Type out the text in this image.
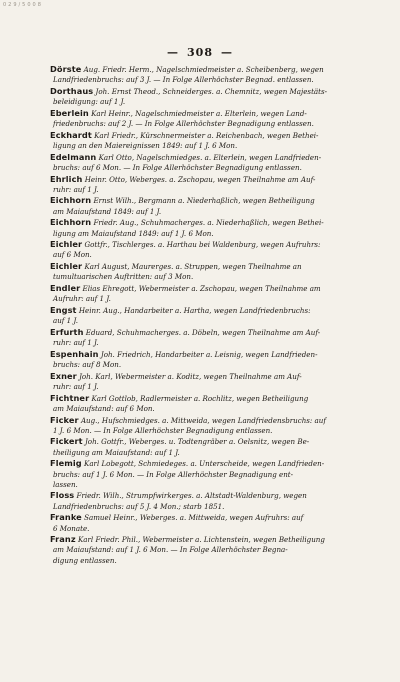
0 2 9 / 5 0 0 8
— 308 —
Dörste Aug. Friedr. Herm., Nagelschmiedmeister a. Scheibenberg, wegen
Landfriedenbruchs: auf 3 J. — In Folge Allerhöchster Begnad. entlassen.
Dorthaus Joh. Ernst Theod., Schneiderges. a. Chemnitz, wegen Majestäts-
beleidigung: auf 1 J.
Eberlein Karl Heinr., Nagelschmiedmeister a. Elterlein, wegen Land-
friedenbruchs: auf 2 J. — In Folge Allerhöchster Begnadigung entlassen.
Eckhardt Karl Friedr., Kürschnermeister a. Reichenbach, wegen Bethei-
ligung an den Maiereignissen 1849: auf 1 J. 6 Mon.
Edelmann Karl Otto, Nagelschmiedges. a. Elterlein, wegen Landfrieden-
bruchs: auf 6 Mon. — In Folge Allerhöchster Begnadigung entlassen.
Ehrlich Heinr. Otto, Weberges. a. Zschopau, wegen Theilnahme am Auf-
ruhr: auf 1 J.
Eichhorn Ernst Wilh., Bergmann a. Niederhaßlich, wegen Betheiligung
am Maiaufstand 1849: auf 1 J.
Eichhorn Friedr. Aug., Schuhmacherges. a. Niederhaßlich, wegen Bethei-
ligung am Maiaufstand 1849: auf 1 J. 6 Mon.
Eichler Gottfr., Tischlerges. a. Harthau bei Waldenburg, wegen Aufruhrs:
auf 6 Mon.
Eichler Karl August, Maurerges. a. Struppen, wegen Theilnahme an
tumultuarischen Auftritten: auf 3 Mon.
Endler Elias Ehregott, Webermeister a. Zschopau, wegen Theilnahme am
Aufruhr: auf 1 J.
Engst Heinr. Aug., Handarbeiter a. Hartha, wegen Landfriedenbruchs:
auf 1 J.
Erfurth Eduard, Schuhmacherges. a. Döbeln, wegen Theilnahme am Auf-
ruhr: auf 1 J.
Espenhain Joh. Friedrich, Handarbeiter a. Leisnig, wegen Landfrieden-
bruchs: auf 8 Mon.
Exner Joh. Karl, Webermeister a. Koditz, wegen Theilnahme am Auf-
ruhr: auf 1 J.
Fichtner Karl Gottlob, Radlermeister a. Rochlitz, wegen Betheiligung
am Maiaufstand: auf 6 Mon.
Ficker Aug., Hufschmiedges. a. Mittweida, wegen Landfriedensbruchs: auf
1 J. 6 Mon. — In Folge Allerhöchster Begnadigung entlassen.
Fickert Joh. Gottfr., Weberges. u. Todtengräber a. Oelsnitz, wegen Be-
theiligung am Maiaufstand: auf 1 J.
Flemig Karl Lobegott, Schmiedeges. a. Unterscheide, wegen Landfrieden-
bruchs: auf 1 J. 6 Mon. — In Folge Allerhöchster Begnadigung ent-
lassen.
Floss Friedr. Wilh., Strumpfwirkerges. a. Altstadt-Waldenburg, wegen
Landfriedenbruchs: auf 5 J. 4 Mon.; starb 1851.
Franke Samuel Heinr., Weberges. a. Mittweida, wegen Aufruhrs: auf
6 Monate.
Franz Karl Friedr. Phil., Webermeister a. Lichtenstein, wegen Betheiligung
am Maiaufstand: auf 1 J. 6 Mon. — In Folge Allerhöchster Begna-
digung entlassen.
